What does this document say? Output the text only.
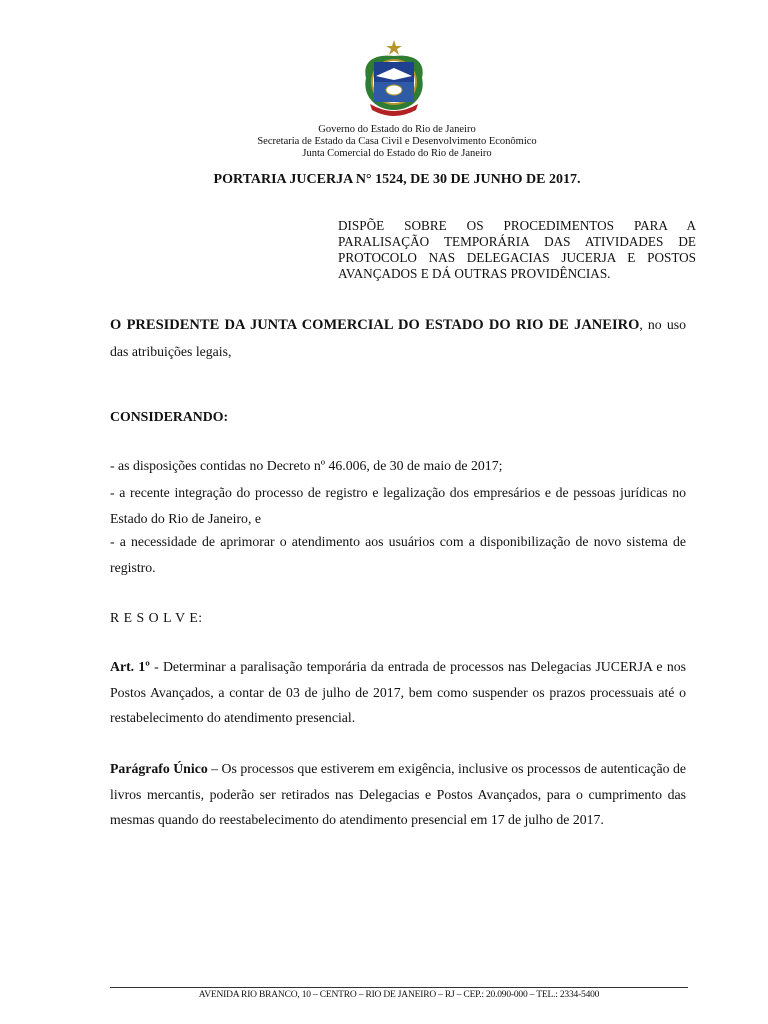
Governo do Estado do Rio de Janeiro
Secretaria de Estado da Casa Civil e Desenvolvimento Econômico
Junta Comercial do Estado do Rio de Janeiro
PORTARIA JUCERJA N° 1524, DE 30 DE JUNHO DE 2017.
DISPÕE SOBRE OS PROCEDIMENTOS PARA A PARALISAÇÃO TEMPORÁRIA DAS ATIVIDADES DE PROTOCOLO NAS DELEGACIAS JUCERJA E POSTOS AVANÇADOS E DÁ OUTRAS PROVIDÊNCIAS.
O PRESIDENTE DA JUNTA COMERCIAL DO ESTADO DO RIO DE JANEIRO, no uso das atribuições legais,
CONSIDERANDO:
- as disposições contidas no Decreto nº 46.006, de 30 de maio de 2017;
- a recente integração do processo de registro e legalização dos empresários e de pessoas jurídicas no Estado do Rio de Janeiro, e
- a necessidade de aprimorar o atendimento aos usuários com a disponibilização de novo sistema de registro.
R E S O L V E:
Art. 1º - Determinar a paralisação temporária da entrada de processos nas Delegacias JUCERJA e nos Postos Avançados, a contar de 03 de julho de 2017, bem como suspender os prazos processuais até o restabelecimento do atendimento presencial.
Parágrafo Único – Os processos que estiverem em exigência, inclusive os processos de autenticação de livros mercantis, poderão ser retirados nas Delegacias e Postos Avançados, para o cumprimento das mesmas quando do reestabelecimento do atendimento presencial em 17 de julho de 2017.
AVENIDA RIO BRANCO, 10 – CENTRO – RIO DE JANEIRO – RJ – CEP.: 20.090-000 – TEL.: 2334-5400
